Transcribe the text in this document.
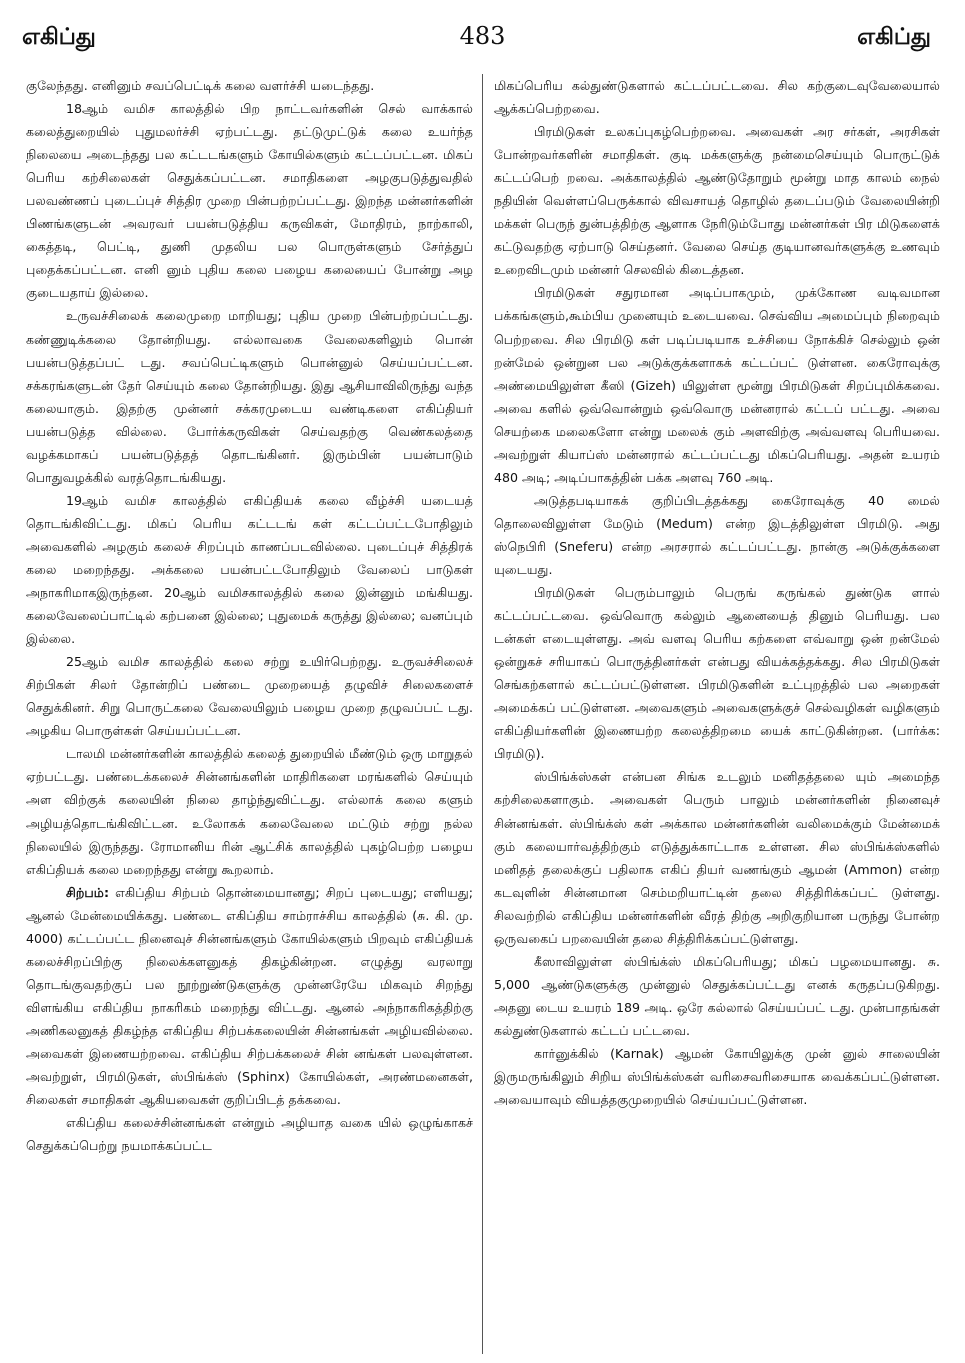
எகிப்து	483	எகிப்து

குலேந்தது. எனினும் சவப்பெட்டிக் கலை வளர்ச்சி யடைந்தது.

18ஆம் வமிச காலத்தில் பிற நாட்டவர்களின் செல் வாக்கால் கலைத்துறையில் புதுமலர்ச்சி ஏற்பட்டது. தட்டுமுட்டுக் கலை உயர்ந்த நிலையை அடைந்தது பல கட்டடங்களும் கோயில்களும் கட்டப்பட்டன. மிகப் பெரிய கற்சிலைகள் செதுக்கப்பட்டன. சமாதிகளை அழகுபடுத்துவதில் பலவண்ணப் புடைப்புச் சித்திர முறை பின்பற்றப்பட்டது. இறந்த மன்னர்களின் பிணங்களுடன் அவரவர் பயன்படுத்திய கருவிகள், மோதிரம், நாற்காலி, கைத்தடி, பெட்டி, துணி முதலிய பல பொருள்களும் சேர்த்துப் புதைக்கப்பட்டன. எனி னும் புதிய கலை பழைய கலையைப் போன்று அழ குடையதாய் இல்லை.

உருவச்சிலைக் கலைமுறை மாறியது; புதிய முறை பின்பற்றப்பட்டது. கண்ணுடிக்கலை தோன்றியது. எல்லாவகை வேலைகளிலும் பொன் பயன்படுத்தப்பட் டது. சவப்பெட்டிகளும் பொன்னுல் செய்யப்பட்டன. சக்கரங்களுடன் தேர் செய்யும் கலை தோன்றியது. இது ஆசியாவிலிருந்து வந்த கலையாகும். இதற்கு முன்னர் சக்கரமுடைய வண்டிகளை எகிப்தியர் பயன்படுத்த வில்லை. போர்க்கருவிகள் செய்வதற்கு வெண்கலத்தை வழக்கமாகப் பயன்படுத்தத் தொடங்கினர். இரும்பின் பயன்பாடும் பொதுவழக்கில் வரத்தொடங்கியது.

19ஆம் வமிச காலத்தில் எகிப்தியக் கலை வீழ்ச்சி யடையத் தொடங்கிவிட்டது. மிகப் பெரிய கட்டடங் கள் கட்டப்பட்டபோதிலும் அவைகளில் அழகும் கலைச் சிறப்பும் காணப்படவில்லை. புடைப்புச் சித்திரக் கலை மறைந்தது. அக்கலை பயன்பட்டபோதிலும் வேலைப் பாடுகள் அநாகரிமாகஇருந்தன. 20ஆம் வமிசகாலத்தில் கலை இன்னும் மங்கியது. கலைவேலைப்பாட்டில் கற்பனை இல்லை; புதுமைக் கருத்து இல்லை; வனப்பும் இல்லை.

25ஆம் வமிச காலத்தில் கலை சற்று உயிர்பெற்றது. உருவச்சிலைச் சிற்பிகள் சிலர் தோன்றிப் பண்டை முறையைத் தழுவிச் சிலைகளைச் செதுக்கினர். சிறு பொருட்கலை வேலையிலும் பழைய முறை தழுவப்பட் டது. அழகிய பொருள்கள் செய்யப்பட்டன.

டாலமி மன்னர்களின் காலத்தில் கலைத் துறையில் மீண்டும் ஒரு மாறுதல் ஏற்பட்டது. பண்டைக்கலைச் சின்னங்களின் மாதிரிகளை மரங்களில் செய்யும் அள விற்குக் கலையின் நிலை தாழ்ந்துவிட்டது. எல்லாக் கலை களும் அழியத்தொடங்கிவிட்டன. உலோகக் கலைவேலை மட்டும் சற்று நல்ல நிலையில் இருந்தது. ரோமானிய ரின் ஆட்சிக் காலத்தில் புகழ்பெற்ற பழைய எகிப்தியக் கலை மறைந்தது என்று கூறலாம்.

சிற்பம்: எகிப்திய சிற்பம் தொன்மையானது; சிறப் புடையது; எளியது; ஆனல் மேன்மையிக்கது. பண்டை எகிப்திய சாம்ராச்சிய காலத்தில் (சு. கி. மு. 4000) கட்டப்பட்ட நினைவுச் சின்னங்களும் கோயில்களும் பிறவும் எகிப்தியக் கலைச்சிறப்பிற்கு நிலைக்களனுகத் திகழ்கின்றன. எழுத்து வரலாறு தொடங்குவதற்குப் பல நூற்றுண்டுகளுக்கு முன்னரேயே மிகவும் சிறந்து விளங்கிய எகிப்திய நாகரிகம் மறைந்து விட்டது. ஆனல் அந்நாகரிகத்திற்கு அணிகலனுகத் திகழ்ந்த எகிப்திய சிற்பக்கலையின் சின்னங்கள் அழியவில்லை. அவைகள் இணையற்றவை. எகிப்திய சிற்பக்கலைச் சின் னங்கள் பலவுள்ளன. அவற்றுள், பிரமிடுகள், ஸ்பிங்க்ஸ் (Sphinx) கோயில்கள், அரண்மனைகள், சிலைகள் சமாதிகள் ஆகியவைகள் குறிப்பிடத் தக்கவை.

எகிப்திய கலைச்சின்னங்கள் என்றும் அழியாத வகை யில் ஒழுங்காகச் செதுக்கப்பெற்று நயமாக்கப்பட்ட

மிகப்பெரிய கல்துண்டுகளால் கட்டப்பட்டவை. சில கற்குடைவுவேலையால் ஆக்கப்பெற்றவை.

பிரமிடுகள் உலகப்புகழ்பெற்றவை. அவைகள் அர சர்கள், அரசிகள் போன்றவர்களின் சமாதிகள். குடி மக்களுக்கு நன்மைசெய்யும் பொருட்டுக் கட்டப்பெற் றவை. அக்காலத்தில் ஆண்டுதோறும் மூன்று மாத காலம் நைல் நதியின் வெள்ளப்பெருக்கால் விவசாயத் தொழில் தடைப்படும் வேலையின்றி மக்கள் பெருந் துன்பத்திற்கு ஆளாக நேரிடும்போது மன்னர்கள் பிர மிடுகளைக் கட்டுவதற்கு ஏற்பாடு செய்தனர். வேலை செய்த குடியானவர்களுக்கு உணவும் உறைவிடமும் மன்னர் செலவில் கிடைத்தன.

பிரமிடுகள் சதுரமான அடிப்பாகமும், முக்கோண வடிவமான பக்கங்களும்,கூம்பிய முனையும் உடையவை. செவ்விய அமைப்பும் நிறைவும் பெற்றவை. சில பிரமிடு கள் படிப்படியாக உச்சியை நோக்கிச் செல்லும் ஒன் றன்மேல் ஒன்றுன பல அடுக்குக்களாகக் கட்டப்பட் டுள்ளன. கைரோவுக்கு அண்மையிலுள்ள கீஸி (Gizeh) யிலுள்ள மூன்று பிரமிடுகள் சிறப்புமிக்கவை. அவை களில் ஒவ்வொன்றும் ஒவ்வொரு மன்னரால் கட்டப் பட்டது. அவை செயற்கை மலைகளோ என்று மலைக் கும் அளவிற்கு அவ்வளவு பெரியவை. அவற்றுள் கியாப்ஸ் மன்னரால் கட்டப்பட்டது மிகப்பெரியது. அதன் உயரம் 480 அடி; அடிப்பாகத்தின் பக்க அளவு 760 அடி.

அடுத்தபடியாகக் குறிப்பிடத்தக்கது கைரோவுக்கு 40 மைல் தொலைவிலுள்ள மேடும் (Medum) என்ற இடத்திலுள்ள பிரமிடு. அது ஸ்நெபிரி (Sneferu) என்ற அரசரால் கட்டப்பட்டது. நான்கு அடுக்குக்களை யுடையது.

பிரமிடுகள் பெரும்பாலும் பெருங் கருங்கல் துண்டுக ளால் கட்டப்பட்டவை. ஒவ்வொரு கல்லும் ஆனையைத் தினும் பெரியது. பல டன்கள் எடையுள்ளது. அவ் வளவு பெரிய கற்களை எவ்வாறு ஒன் றன்மேல் ஒன்றுகச் சரியாகப் பொருத்தினர்கள் என்பது வியக்கத்தக்கது. சில பிரமிடுகள் செங்கற்களால் கட்டப்பட்டுள்ளன. பிரமிடுகளின் உட்புறத்தில் பல அறைகள் அமைக்கப் பட்டுள்ளன. அவைகளும் அவைகளுக்குச் செல்வழிகள் வழிகளும் எகிப்தியர்களின் இணையற்ற கலைத்திறமை யைக் காட்டுகின்றன. (பார்க்க: பிரமிடு).

ஸ்பிங்க்ஸ்கள் என்பன சிங்க உடலும் மனிதத்தலை யும் அமைந்த கற்சிலைகளாகும். அவைகள் பெரும் பாலும் மன்னர்களின் நினைவுச் சின்னங்கள். ஸ்பிங்க்ஸ் கள் அக்கால மன்னர்களின் வலிமைக்கும் மேன்மைக் கும் கலையார்வத்திற்கும் எடுத்துக்காட்டாக உள்ளன. சில ஸ்பிங்க்ஸ்களில் மனிதத் தலைக்குப் பதிலாக எகிப் தியர் வணங்கும் ஆமன் (Ammon) என்ற கடவுளின் சின்னமான செம்மறியாட்டின் தலை சித்திரிக்கப்பட் டுள்ளது. சிலவற்றில் எகிப்திய மன்னர்களின் வீரத் திற்கு அறிகுறியான பருந்து போன்ற ஒருவகைப் பறவையின் தலை சித்திரிக்கப்பட்டுள்ளது.

கீஸாவிலுள்ள ஸ்பிங்க்ஸ் மிகப்பெரியது; மிகப் பழமையானது. சு. 5,000 ஆண்டுகளுக்கு முன்னுல் செதுக்கப்பட்டது எனக் கருதப்படுகிறது. அதனு டைய உயரம் 189 அடி. ஒரே கல்லால் செய்யப்பட் டது. முன்பாதங்கள் கல்துண்டுகளால் கட்டப் பட்டவை.

கார்னுக்கில் (Karnak) ஆமன் கோயிலுக்கு முன் னுல் சாலையின் இருமருங்கிலும் சிறிய ஸ்பிங்க்ஸ்கள் வரிசைவரிசையாக வைக்கப்பட்டுள்ளன. அவையாவும் வியத்தகுமுறையில் செய்யப்பட்டுள்ளன.
